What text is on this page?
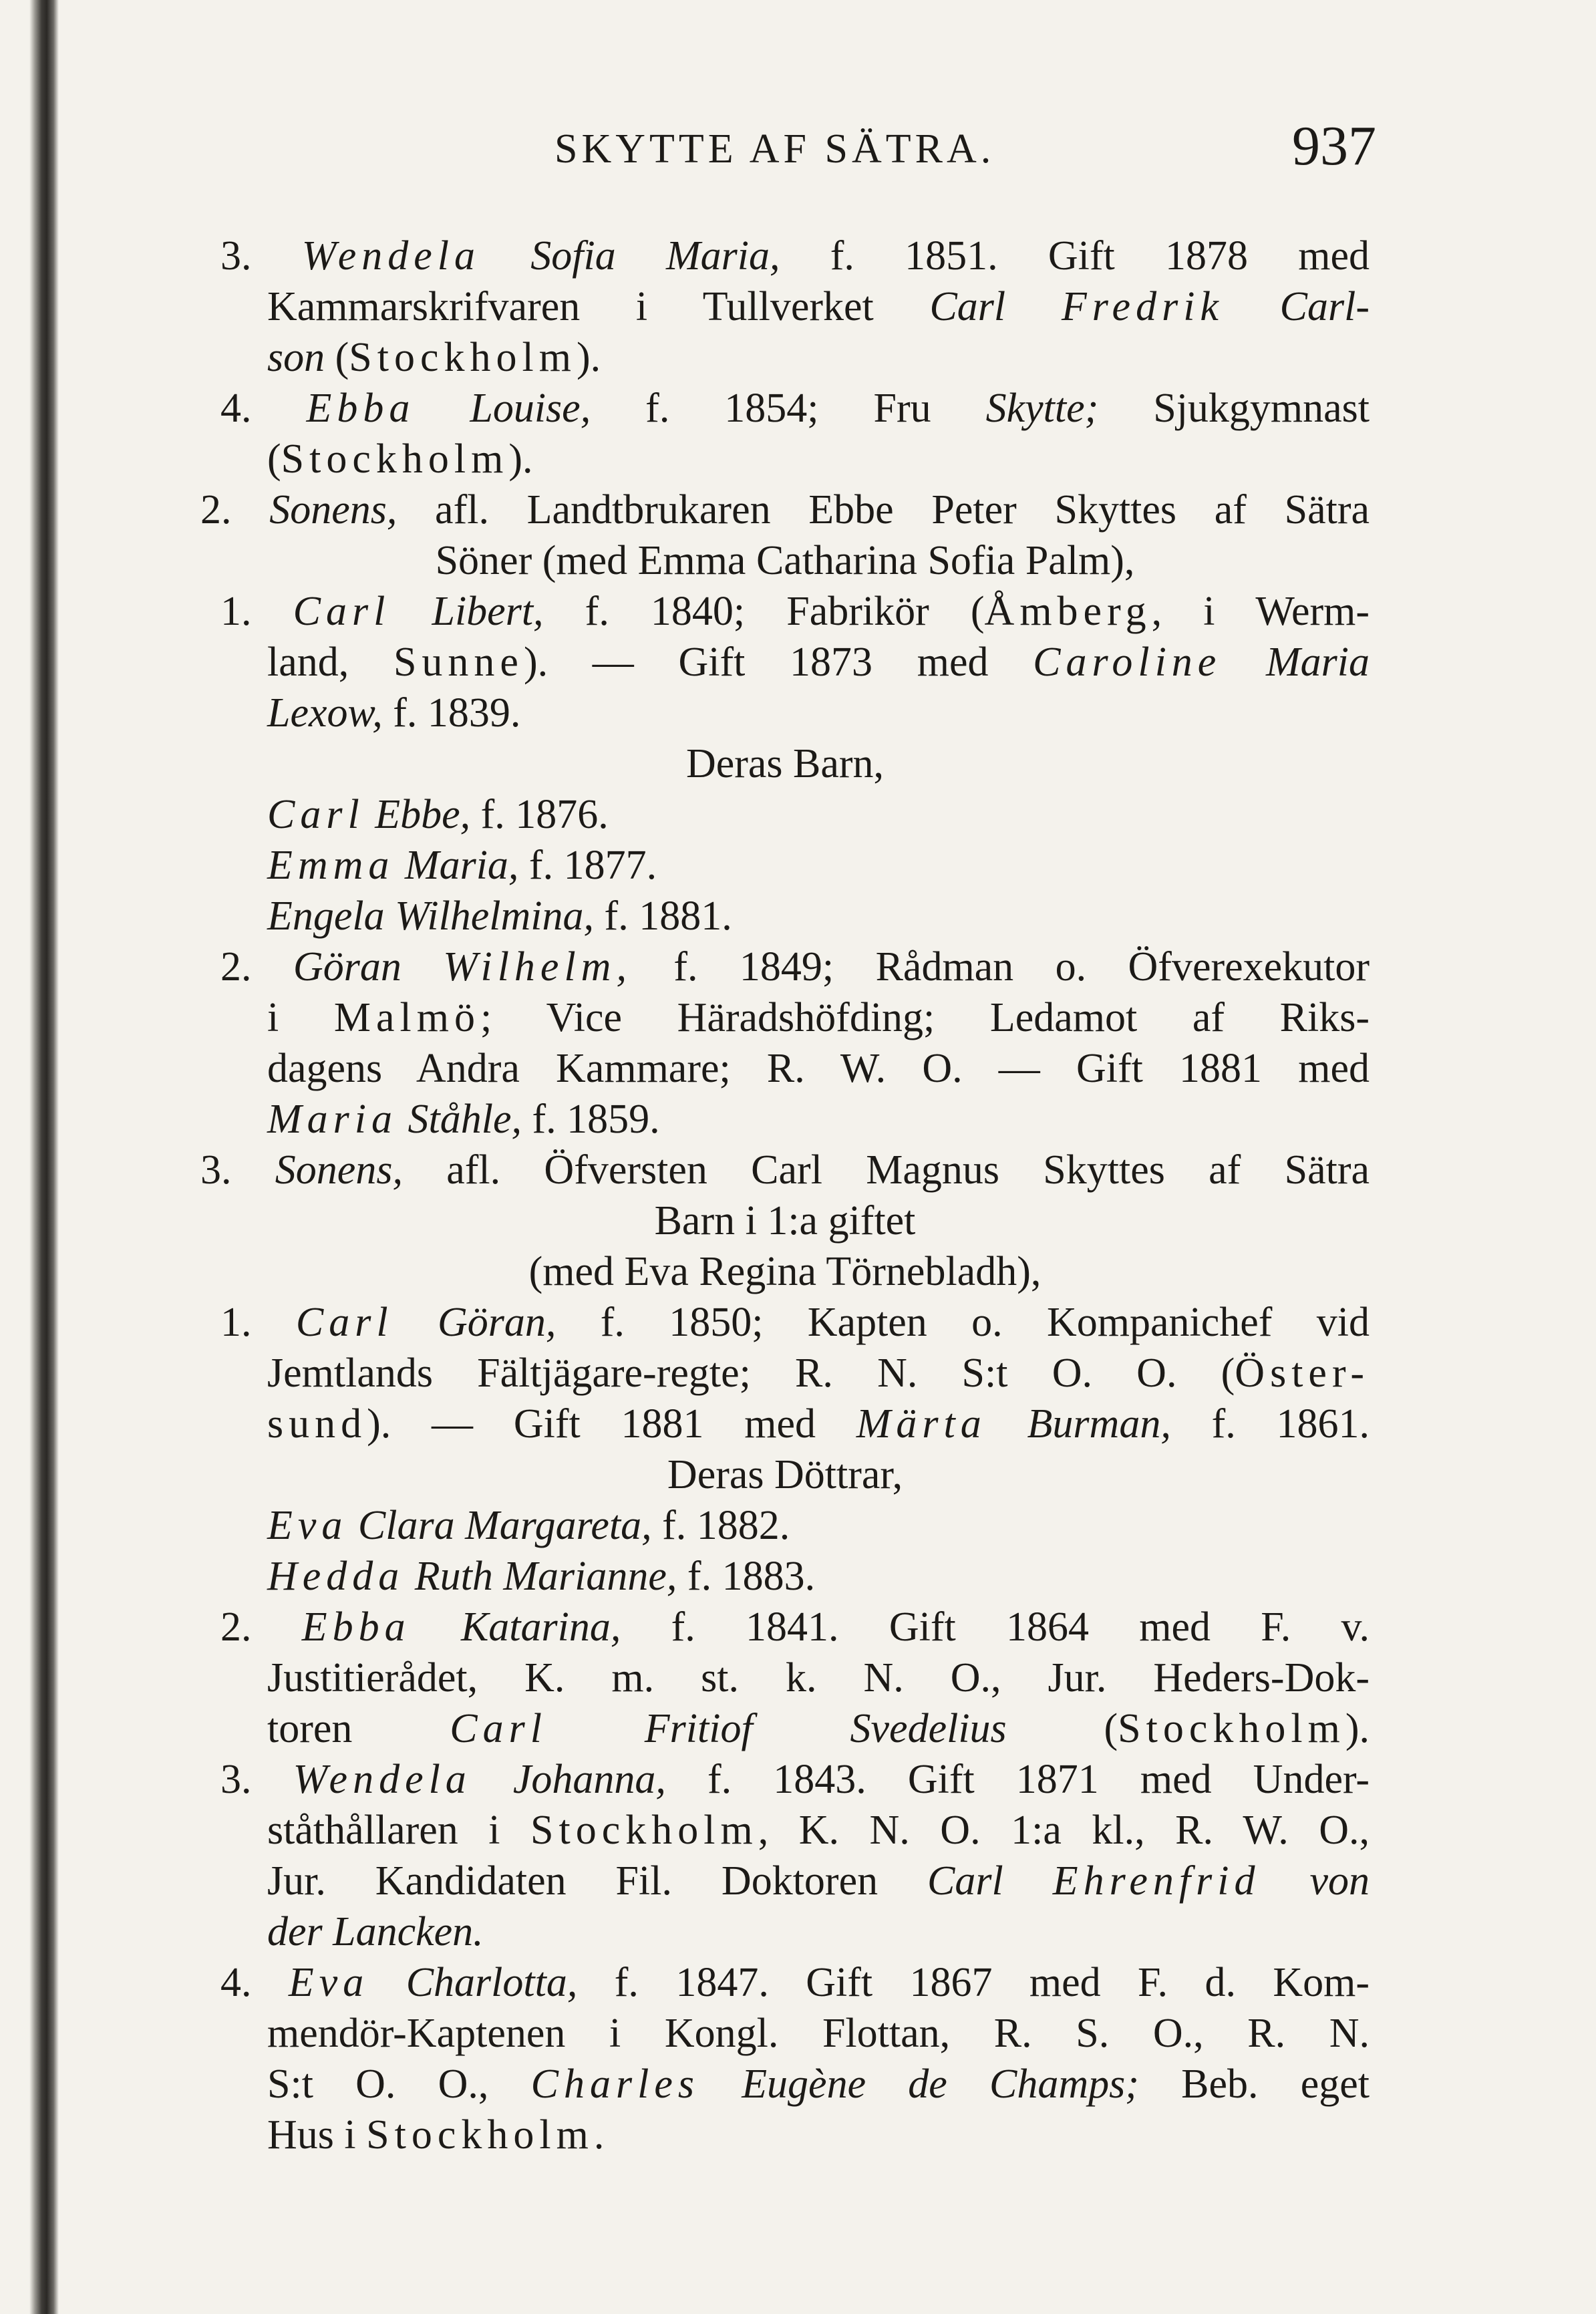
SKYTTE AF SÄTRA.	937
3. Wendela Sofia Maria, f. 1851. Gift 1878 med
Kammarskrifvaren i Tullverket Carl Fredrik Carl-
son (Stockholm).
4. Ebba Louise, f. 1854; Fru Skytte; Sjukgymnast
(Stockholm).
2. Sonens, afl. Landtbrukaren Ebbe Peter Skyttes af Sätra
Söner (med Emma Catharina Sofia Palm),
1. Carl Libert, f. 1840; Fabrikör (Åmberg, i Werm-
land, Sunne). — Gift 1873 med Caroline Maria
Lexow, f. 1839.
Deras Barn,
Carl Ebbe, f. 1876.
Emma Maria, f. 1877.
Engela Wilhelmina, f. 1881.
2. Göran Wilhelm, f. 1849; Rådman o. Öfverexekutor
i Malmö; Vice Häradshöfding; Ledamot af Riks-
dagens Andra Kammare; R. W. O. — Gift 1881 med
Maria Ståhle, f. 1859.
3. Sonens, afl. Öfversten Carl Magnus Skyttes af Sätra
Barn i 1:a giftet
(med Eva Regina Törnebladh),
1. Carl Göran, f. 1850; Kapten o. Kompanichef vid
Jemtlands Fältjägare-regte; R. N. S:t O. O. (Öster-
sund). — Gift 1881 med Märta Burman, f. 1861.
Deras Döttrar,
Eva Clara Margareta, f. 1882.
Hedda Ruth Marianne, f. 1883.
2. Ebba Katarina, f. 1841. Gift 1864 med F. v.
Justitierådet, K. m. st. k. N. O., Jur. Heders-Dok-
toren Carl Fritiof Svedelius (Stockholm).
3. Wendela Johanna, f. 1843. Gift 1871 med Under-
ståthållaren i Stockholm, K. N. O. 1:a kl., R. W. O.,
Jur. Kandidaten Fil. Doktoren Carl Ehrenfrid von
der Lancken.
4. Eva Charlotta, f. 1847. Gift 1867 med F. d. Kom-
mendör-Kaptenen i Kongl. Flottan, R. S. O., R. N.
S:t O. O., Charles Eugène de Champs; Beb. eget
Hus i Stockholm.
